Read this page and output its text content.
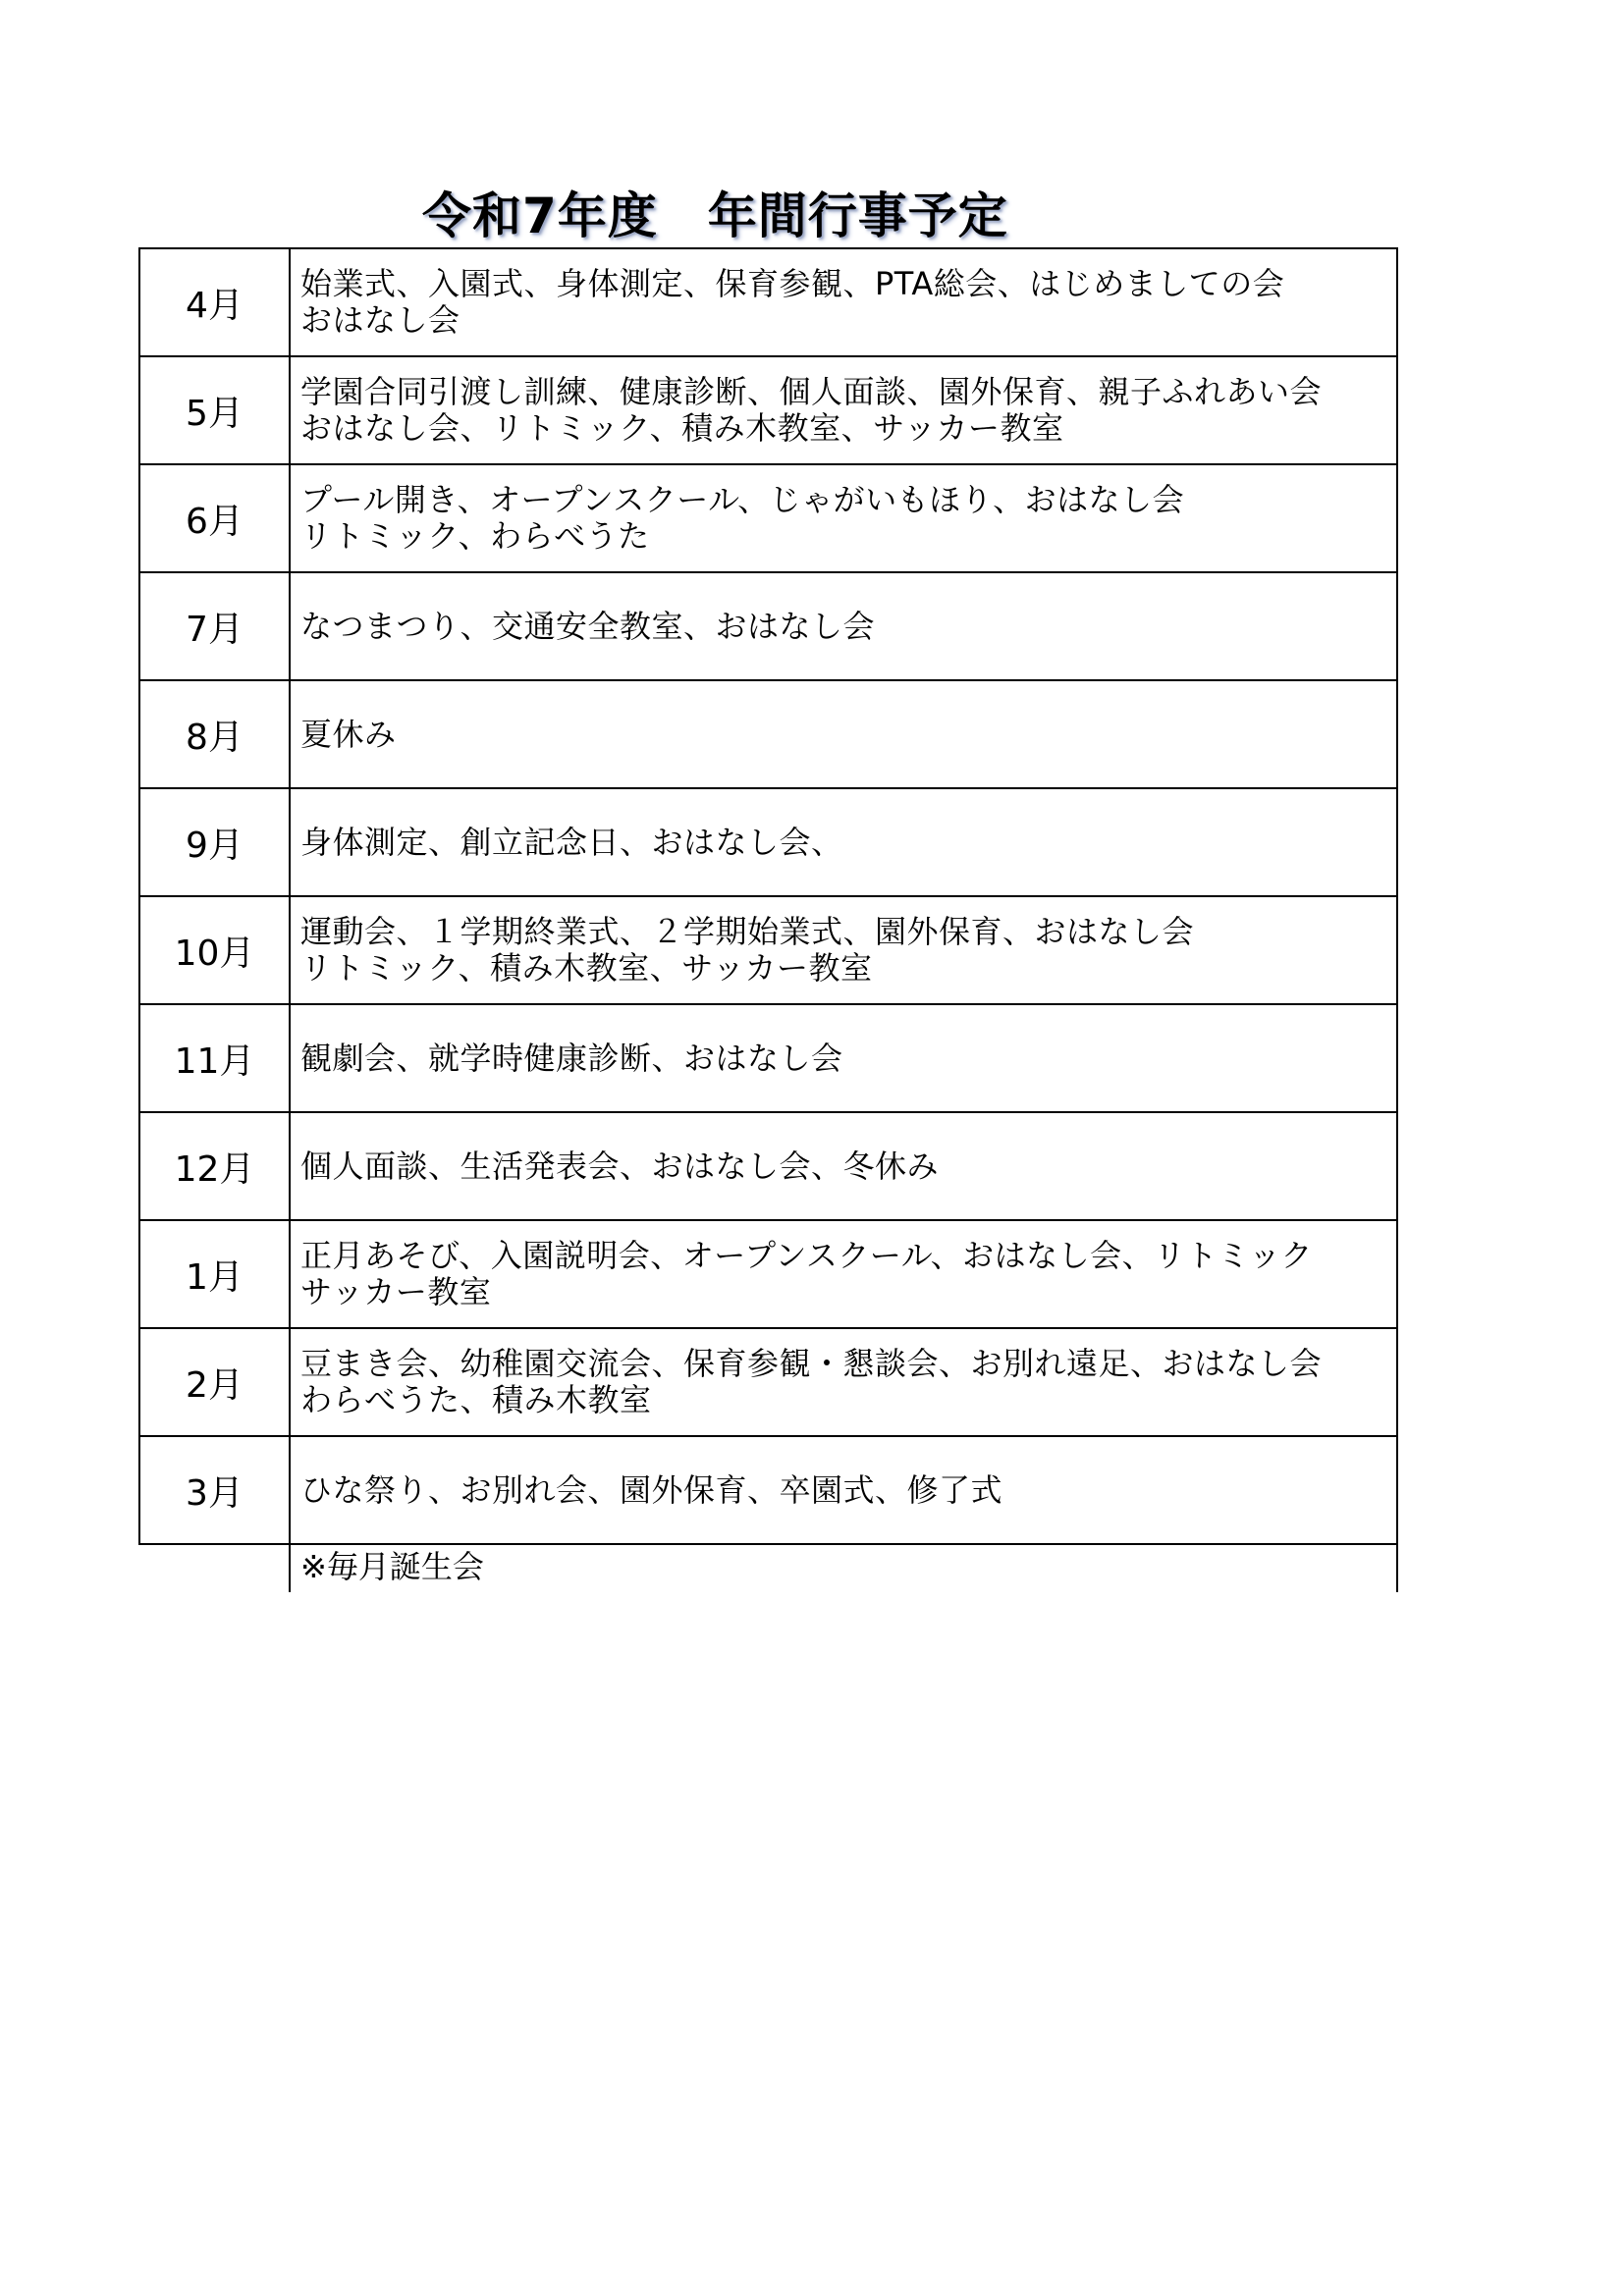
令和7年度　年間行事予定
4月	始業式、入園式、身体測定、保育参観、PTA総会、はじめましての会
おはなし会

5月	学園合同引渡し訓練、健康診断、個人面談、園外保育、親子ふれあい会
おはなし会、リトミック、積み木教室、サッカー教室

6月	プール開き、オープンスクール、じゃがいもほり、おはなし会
リトミック、わらべうた

7月	なつまつり、交通安全教室、おはなし会

8月	夏休み

9月	身体測定、創立記念日、おはなし会、

10月	運動会、１学期終業式、２学期始業式、園外保育、おはなし会
リトミック、積み木教室、サッカー教室

11月	観劇会、就学時健康診断、おはなし会

12月	個人面談、生活発表会、おはなし会、冬休み

1月	正月あそび、入園説明会、オープンスクール、おはなし会、リトミック
サッカー教室

2月	豆まき会、幼稚園交流会、保育参観・懇談会、お別れ遠足、おはなし会
わらべうた、積み木教室

3月	ひな祭り、お別れ会、園外保育、卒園式、修了式

	※毎月誕生会
